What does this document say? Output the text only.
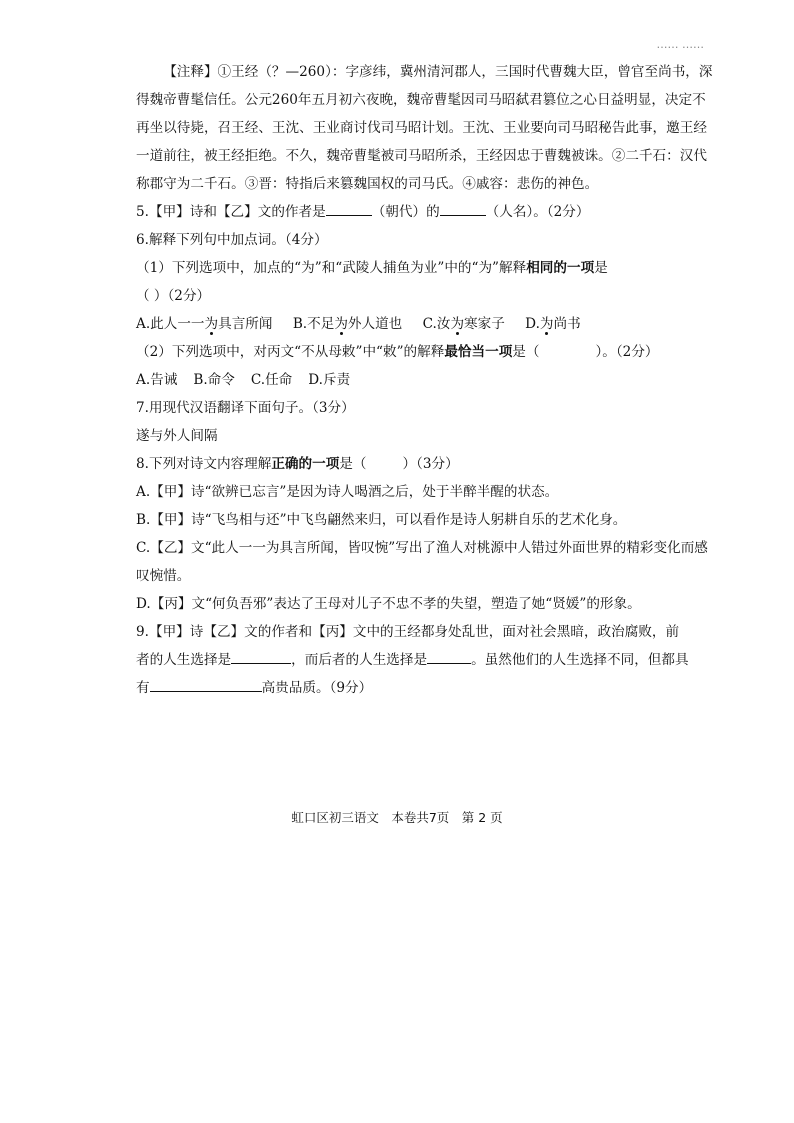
…… ……

【注释】①王经（？—260）：字彦纬，冀州清河郡人，三国时代曹魏大臣，曾官至尚书，深得魏帝曹髦信任。公元260年五月初六夜晚，魏帝曹髦因司马昭弑君篡位之心日益明显，决定不再坐以待毙，召王经、王沈、王业商讨伐司马昭计划。王沈、王业要向司马昭秘告此事，邀王经一道前往，被王经拒绝。不久，魏帝曹髦被司马昭所杀，王经因忠于曹魏被诛。②二千石：汉代称郡守为二千石。③晋：特指后来篡魏国权的司马氏。④戚容：悲伤的神色。

5.【甲】诗和【乙】文的作者是	（朝代）的	（人名）。（2分）

6.解释下列句中加点词。（4分）

（1）下列选项中，加点的“为”和“武陵人捕鱼为业”中的“为”解释相同的一项是

（ ）（2分）

A.此人一一为具言所闻 B.不足为外人道也 C.汝为寒家子 D.为尚书

（2）下列选项中，对丙文“不从母敕”中“敕”的解释最恰当一项是（	）。（2分）

A.告诫 B.命令 C.任命 D.斥责

7.用现代汉语翻译下面句子。（3分）

遂与外人间隔

8.下列对诗文内容理解正确的一项是（	）（3分）

A.【甲】诗“欲辨已忘言”是因为诗人喝酒之后，处于半醉半醒的状态。

B.【甲】诗“飞鸟相与还”中飞鸟翩然来归，可以看作是诗人躬耕自乐的艺术化身。

C.【乙】文“此人一一为具言所闻，皆叹惋”写出了渔人对桃源中人错过外面世界的精彩变化而感叹惋惜。

D.【丙】文“何负吾邪”表达了王母对儿子不忠不孝的失望，塑造了她“贤媛”的形象。

9.【甲】诗【乙】文的作者和【丙】文中的王经都身处乱世，面对社会黑暗，政治腐败，前

者的人生选择是	，而后者的人生选择是	。虽然他们的人生选择不同，但都具

有	高贵品质。（9分）

虹口区初三语文　本卷共7页　第 2 页
